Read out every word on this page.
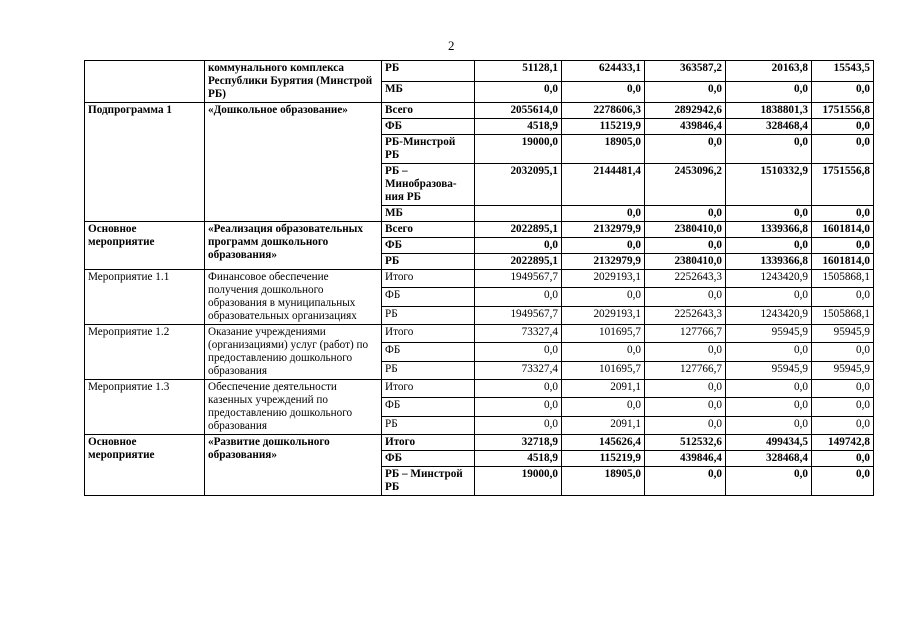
2
	коммунального комплекса Республики Бурятия (Минстрой РБ)	РБ	51128,1	624433,1	363587,2	20163,8	15543,5
		МБ	0,0	0,0	0,0	0,0	0,0
Подпрограмма 1	«Дошкольное образование»	Всего	2055614,0	2278606,3	2892942,6	1838801,3	1751556,8
		ФБ	4518,9	115219,9	439846,4	328468,4	0,0
		РБ-Минстрой РБ	19000,0	18905,0	0,0	0,0	0,0
		РБ – Минобразова-ния РБ	2032095,1	2144481,4	2453096,2	1510332,9	1751556,8
		МБ		0,0	0,0	0,0	0,0
Основное мероприятие	«Реализация образовательных программ дошкольного образования»	Всего	2022895,1	2132979,9	2380410,0	1339366,8	1601814,0
		ФБ	0,0	0,0	0,0	0,0	0,0
		РБ	2022895,1	2132979,9	2380410,0	1339366,8	1601814,0
Мероприятие 1.1	Финансовое обеспечение получения дошкольного образования в муниципальных образовательных организациях	Итого	1949567,7	2029193,1	2252643,3	1243420,9	1505868,1
		ФБ	0,0	0,0	0,0	0,0	0,0
		РБ	1949567,7	2029193,1	2252643,3	1243420,9	1505868,1
Мероприятие 1.2	Оказание учреждениями (организациями) услуг (работ) по предоставлению дошкольного образования	Итого	73327,4	101695,7	127766,7	95945,9	95945,9
		ФБ	0,0	0,0	0,0	0,0	0,0
		РБ	73327,4	101695,7	127766,7	95945,9	95945,9
Мероприятие 1.3	Обеспечение деятельности казенных учреждений по предоставлению дошкольного образования	Итого	0,0	2091,1	0,0	0,0	0,0
		ФБ	0,0	0,0	0,0	0,0	0,0
		РБ	0,0	2091,1	0,0	0,0	0,0
Основное мероприятие	«Развитие дошкольного образования»	Итого	32718,9	145626,4	512532,6	499434,5	149742,8
		ФБ	4518,9	115219,9	439846,4	328468,4	0,0
		РБ – Минстрой РБ	19000,0	18905,0	0,0	0,0	0,0
